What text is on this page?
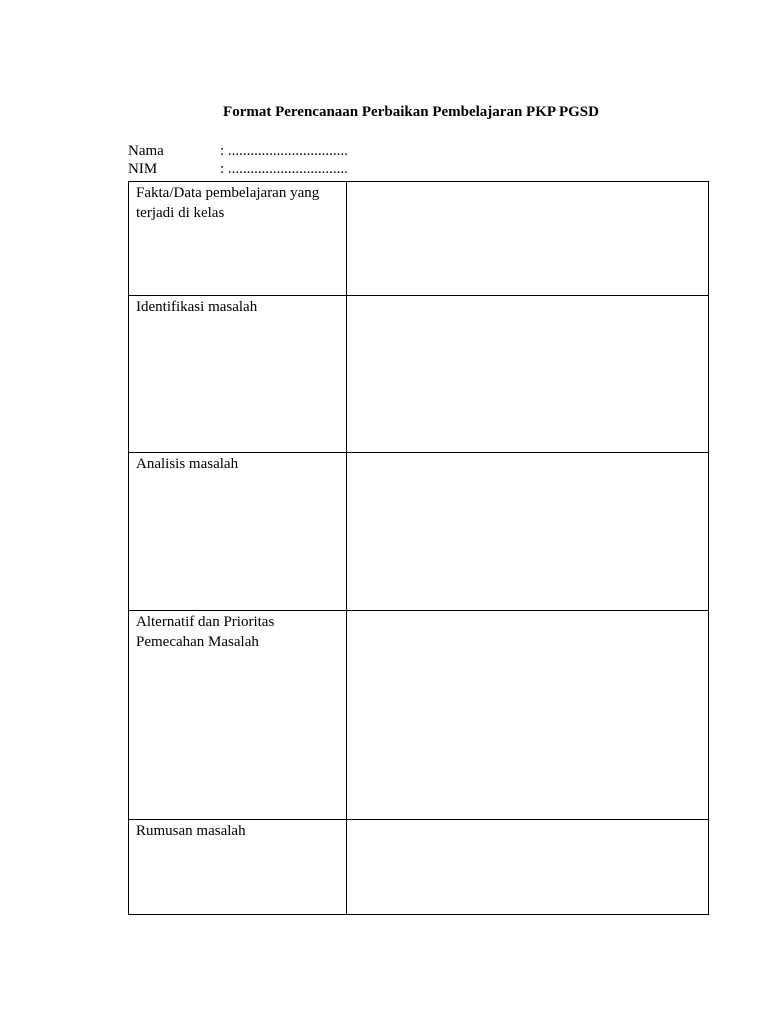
Format Perencanaan Perbaikan Pembelajaran PKP PGSD
Nama	: ................................
NIM	: ................................
Fakta/Data pembelajaran yang terjadi di kelas	
Identifikasi masalah	
Analisis masalah	
Alternatif dan Prioritas Pemecahan Masalah	
Rumusan masalah	
